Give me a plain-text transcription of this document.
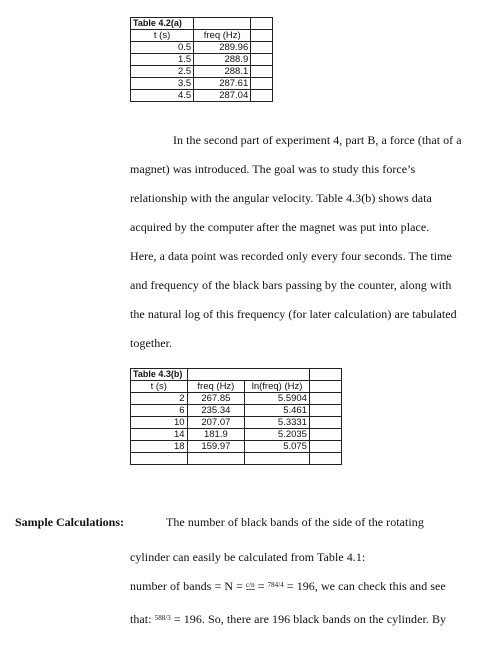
Table 4.2(a)		
t (s)	freq (Hz)	
0.5	289.96	
1.5	288.9	
2.5	288.1	
3.5	287.61	
4.5	287.04	
In the second part of experiment 4, part B, a force (that of a
magnet) was introduced. The goal was to study this force’s
relationship with the angular velocity. Table 4.3(b) shows data
acquired by the computer after the magnet was put into place.
Here, a data point was recorded only every four seconds. The time
and frequency of the black bars passing by the counter, along with
the natural log of this frequency (for later calculation) are tabulated
together.
Table 4.3(b)			
t (s)	freq (Hz)	ln(freq) (Hz)	
2	267.85	5.5904	
6	235.34	5.461	
10	207.07	5.3331	
14	181.9	5.2035	
18	159.97	5.075	

Sample Calculations:	The number of black bands of the side of the rotating
cylinder can easily be calculated from Table 4.1:
number of bands = N = $^{c/n}$ = $^{784/4}$ = 196, we can check this and see
that: $^{588/3}$ = 196. So, there are 196 black bands on the cylinder. By
